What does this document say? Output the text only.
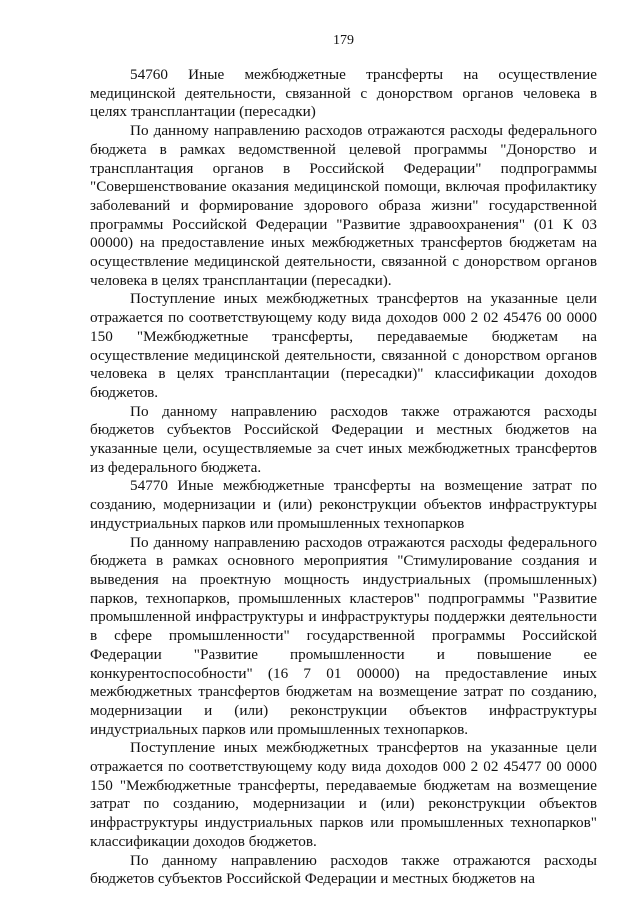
179

54760 Иные межбюджетные трансферты на осуществление медицинской деятельности, связанной с донорством органов человека в целях трансплантации (пересадки)

По данному направлению расходов отражаются расходы федерального бюджета в рамках ведомственной целевой программы "Донорство и трансплантация органов в Российской Федерации" подпрограммы "Совершенствование оказания медицинской помощи, включая профилактику заболеваний и формирование здорового образа жизни" государственной программы Российской Федерации "Развитие здравоохранения" (01 К 03 00000) на предоставление иных межбюджетных трансфертов бюджетам на осуществление медицинской деятельности, связанной с донорством органов человека в целях трансплантации (пересадки).

Поступление иных межбюджетных трансфертов на указанные цели отражается по соответствующему коду вида доходов 000 2 02 45476 00 0000 150 "Межбюджетные трансферты, передаваемые бюджетам на осуществление медицинской деятельности, связанной с донорством органов человека в целях трансплантации (пересадки)" классификации доходов бюджетов.

По данному направлению расходов также отражаются расходы бюджетов субъектов Российской Федерации и местных бюджетов на указанные цели, осуществляемые за счет иных межбюджетных трансфертов из федерального бюджета.

54770 Иные межбюджетные трансферты на возмещение затрат по созданию, модернизации и (или) реконструкции объектов инфраструктуры индустриальных парков или промышленных технопарков

По данному направлению расходов отражаются расходы федерального бюджета в рамках основного мероприятия "Стимулирование создания и выведения на проектную мощность индустриальных (промышленных) парков, технопарков, промышленных кластеров" подпрограммы "Развитие промышленной инфраструктуры и инфраструктуры поддержки деятельности в сфере промышленности" государственной программы Российской Федерации "Развитие промышленности и повышение ее конкурентоспособности" (16 7 01 00000) на предоставление иных межбюджетных трансфертов бюджетам на возмещение затрат по созданию, модернизации и (или) реконструкции объектов инфраструктуры индустриальных парков или промышленных технопарков.

Поступление иных межбюджетных трансфертов на указанные цели отражается по соответствующему коду вида доходов 000 2 02 45477 00 0000 150 "Межбюджетные трансферты, передаваемые бюджетам на возмещение затрат по созданию, модернизации и (или) реконструкции объектов инфраструктуры индустриальных парков или промышленных технопарков" классификации доходов бюджетов.

По данному направлению расходов также отражаются расходы бюджетов субъектов Российской Федерации и местных бюджетов на
